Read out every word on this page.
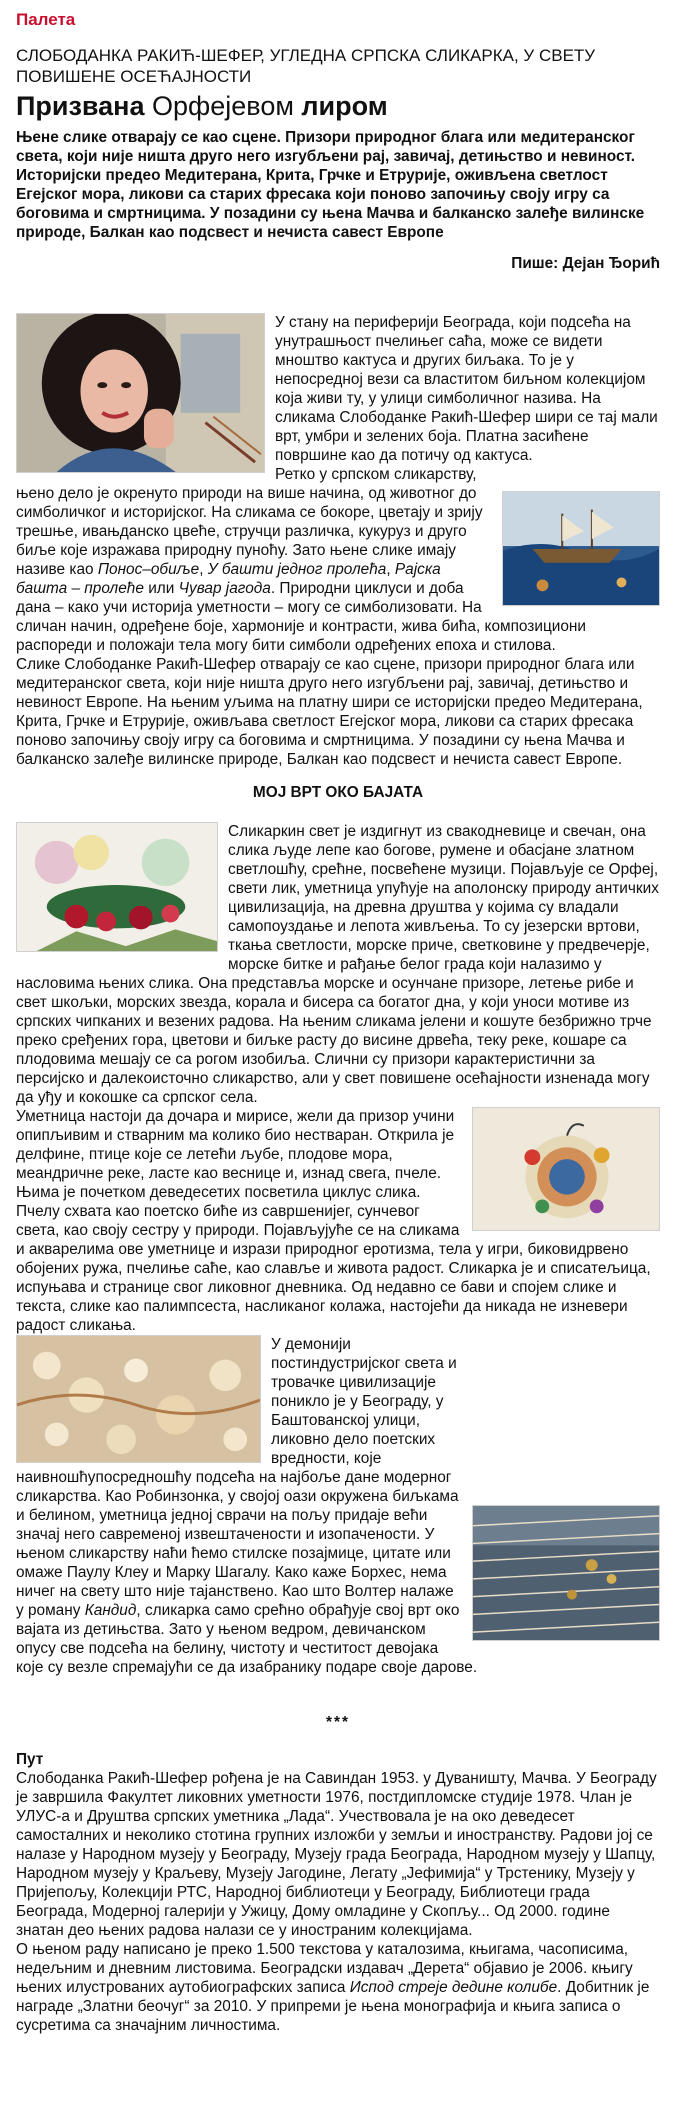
Палета
СЛОБОДАНКА РАКИЋ-ШЕФЕР, УГЛЕДНА СРПСКА СЛИКАРКА, У СВЕТУ ПОВИШЕНЕ ОСЕЋАЈНОСТИ
Призвана Орфејевом лиром
Њене слике отварају се као сцене. Призори природног блага или медитеранског света, који није ништа друго него изгубљени рај, завичај, детињство и невиност. Историјски предео Медитерана, Крита, Грчке и Етрурије, оживљена светлост Егејског мора, ликови са старих фресака који поново започињу своју игру са боговима и смртницима. У позадини су њена Мачва и балканско залеђе вилинске природе, Балкан као подсвест и нечиста савест Европе
Пише: Дејан Ђорић

У стану на периферији Београда, који подсећа на унутрашњост пчелињег саћа, може се видети мноштво кактуса и других биљака. То је у непосредној вези са властитом биљном колекцијом која живи ту, у улици симболичног назива. На сликама Слободанке Ракић-Шефер шири се тај мали врт, умбри и зелених боја. Платна засићене површине као да потичу од кактуса.

Ретко у српском сликарству, њено дело је окренуто природи на више начина, од животног до симболичког и историјског. На сликама се бокоре, цветају и зрију трешње, ивањданско цвеће, стручци различка, кукуруз и друго биље које изражава природну пуноћу. Зато њене слике имају називе као Понос–обиље, У башти једног пролећа, Рајска башта – пролеће или Чувар јагода. Природни циклуси и доба дана – како учи историја уметности – могу се симболизовати. На сличан начин, одређене боје, хармоније и контрасти, жива бића, композициони распореди и положаји тела могу бити симболи одређених епоха и стилова.

Слике Слободанке Ракић-Шефер отварају се као сцене, призори природног блага или медитеранског света, који није ништа друго него изгубљени рај, завичај, детињство и невиност Европе. На њеним уљима на платну шири се историјски предео Медитерана, Крита, Грчке и Етрурије, оживљава светлост Егејског мора, ликови са старих фресака поново започињу своју игру са боговима и смртницима. У позадини су њена Мачва и балканско залеђе вилинске природе, Балкан као подсвест и нечиста савест Европе.

МОЈ ВРТ ОКО БАЈАТА

Сликаркин свет је издигнут из свакодневице и свечан, она слика људе лепе као богове, румене и обасјане златном светлошћу, срећне, посвећене музици. Појављује се Орфеј, свети лик, уметница упућује на аполонску природу античких цивилизација, на древна друштва у којима су владали самопоуздање и лепота живљења. То су језерски вртови, ткања светлости, морске приче, светковине у предвечерје, морске битке и рађање белог града који налазимо у насловима њених слика. Она представља морске и осунчане призоре, летење рибе и свет шкољки, морских звезда, корала и бисера са богатог дна, у који уноси мотиве из српских чипканих и везених радова. На њеним сликама јелени и кошуте безбрижно трче преко сређених гора, цветови и биљке расту до висине дрвећа, теку реке, кошаре са плодовима мешају се са рогом изобиља. Слични су призори карактеристични за персијско и далекоисточно сликарство, али у свет повишене осећајности изненада могу да уђу и кокошке са српског села.

Уметница настоји да дочара и мирисе, жели да призор учини опипљивим и стварним ма колико био нестваран. Открила је делфине, птице које се летећи љубе, плодове мора, меандричне реке, ласте као веснице и, изнад свега, пчеле. Њима је почетком деведесетих посветила циклус слика. Пчелу схвата као поетско биће из савршенијег, сунчевог света, као своју сестру у природи. Појављујуће се на сликама и акварелима ове уметнице и изрази природног еротизма, тела у игри, биковидрвено обојених ружа, пчелиње саће, као славље и живота радост. Сликарка је и списатељица, испуњава и странице свог ликовног дневника. Од недавно се бави и спојем слике и текста, слике као палимпсеста, насликаног колажа, настојећи да никада не изневери радост сликања.

У демонији постиндустријског света и тровачке цивилизације поникло је у Београду, у Баштованској улици, ликовно дело поетских вредности, које наивношћупосредношћу подсећа на најбоље дане модерног сликарства. Као Робинзонка, у својој оази окружена биљкама и белином, уметница једној сврачи на пољу придаје већи значај него савременој извештачености и изопачености. У њеном сликарству наћи ћемо стилске позајмице, цитате или омаже Паулу Клеу и Марку Шагалу. Како каже Борхес, нема ничег на свету што није тајанствено. Као што Волтер налаже у роману Кандид, сликарка само срећно обрађује свој врт око вајата из детињства. Зато у њеном ведром, девичанском опусу све подсећа на белину, чистоту и честитост девојака које су везле спремајући се да изабранику подаре своје дарове.

***
Пут

Слободанка Ракић-Шефер рођена је на Савиндан 1953. у Дуваништу, Мачва. У Београду је завршила Факултет ликовних уметности 1976, постдипломске студије 1978. Члан је УЛУС-а и Друштва српских уметника „Лада“. Учествовала је на око деведесет самосталних и неколико стотина групних изложби у земљи и иностранству. Радови јој се налазе у Народном музеју у Београду, Музеју града Београда, Народном музеју у Шапцу, Народном музеју у Краљеву, Музеју Јагодине, Легату „Јефимија“ у Трстенику, Музеју у Пријепољу, Колекцији РТС, Народној библиотеци у Београду, Библиотеци града Београда, Модерној галерији у Ужицу, Дому омладине у Скопљу... Од 2000. године знатан део њених радова налази се у иностраним колекцијама.

О њеном раду написано је преко 1.500 текстова у каталозима, књигама, часописима, недељним и дневним листовима. Београдски издавач „Дерета“ објавио је 2006. књигу њених илустрованих аутобиографских записа Испод стреје дедине колибе. Добитник је награде „Златни беочуг“ за 2010. У припреми је њена монографија и књига записа о сусретима са значајним личностима.
